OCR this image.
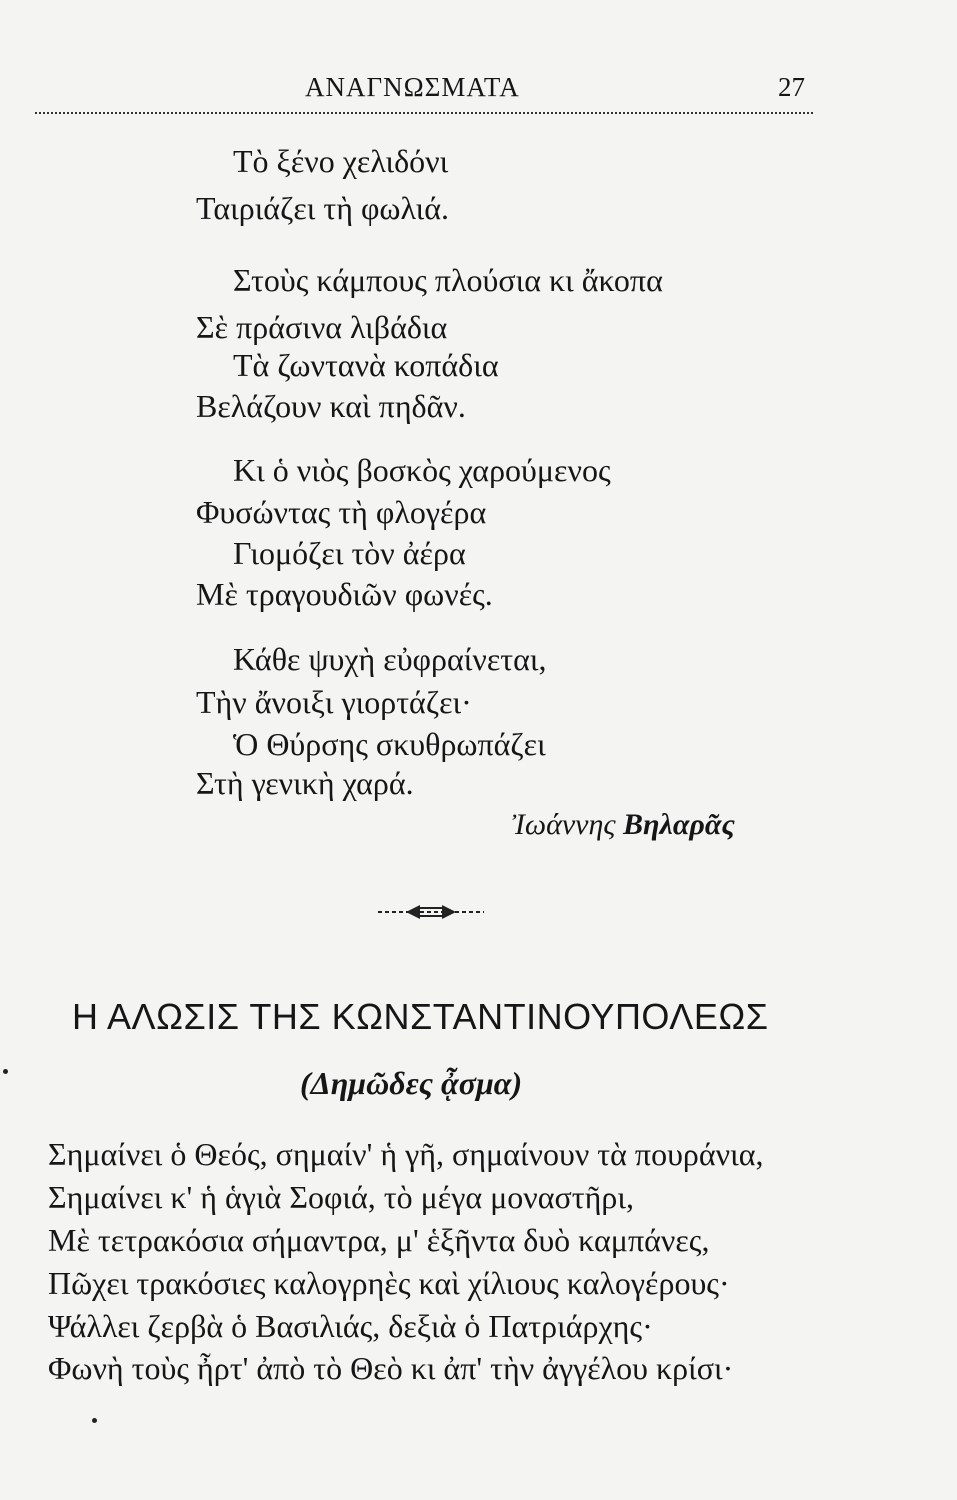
ΑΝΑΓΝΩΣΜΑΤΑ	27
Τὸ ξένο χελιδόνι
Ταιριάζει τὴ φωλιά.
Στοὺς κάμπους πλούσια κι ἄκοπα
Σὲ πράσινα λιβάδια
Τὰ ζωντανὰ κοπάδια
Βελάζουν καὶ πηδᾶν.
Κι ὁ νιὸς βοσκὸς χαρούμενος
Φυσώντας τὴ φλογέρα
Γιομόζει τὸν ἀέρα
Μὲ τραγουδιῶν φωνές.
Κάθε ψυχὴ εὐφραίνεται,
Τὴν ἄνοιξι γιορτάζει·
Ὁ Θύρσης σκυθρωπάζει
Στὴ γενικὴ χαρά.
Ἰωάννης Βηλαρᾶς
Η ΑΛΩΣΙΣ ΤΗΣ ΚΩΝΣΤΑΝΤΙΝΟΥΠΟΛΕΩΣ
(Δημῶδες ᾆσμα)
Σημαίνει ὁ Θεός, σημαίν' ἡ γῆ, σημαίνουν τὰ πουράνια,
Σημαίνει κ' ἡ ἁγιὰ Σοφιά, τὸ μέγα μοναστῆρι,
Μὲ τετρακόσια σήμαντρα, μ' ἑξῆντα δυὸ καμπάνες,
Πῶχει τρακόσιες καλογρηὲς καὶ χίλιους καλογέρους·
Ψάλλει ζερβὰ ὁ Βασιλιάς, δεξιὰ ὁ Πατριάρχης·
Φωνὴ τοὺς ἦρτ' ἀπὸ τὸ Θεὸ κι ἀπ' τὴν ἀγγέλου κρίσι·
